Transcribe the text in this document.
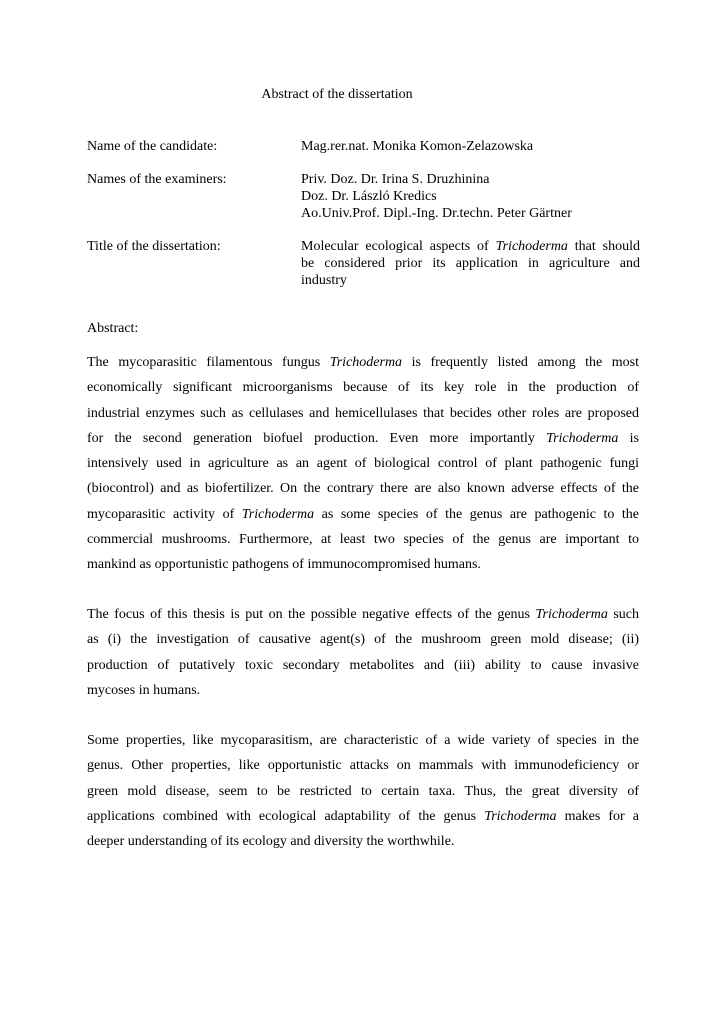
Abstract of the dissertation
Name of the candidate:	Mag.rer.nat. Monika Komon-Zelazowska
Names of the examiners:	Priv. Doz. Dr. Irina S. Druzhinina
Doz. Dr. László Kredics
Ao.Univ.Prof. Dipl.-Ing. Dr.techn. Peter Gärtner
Title of the dissertation:	Molecular ecological aspects of Trichoderma that should
be considered prior its application in agriculture and
industry
Abstract:
The mycoparasitic filamentous fungus Trichoderma is frequently listed among the most
economically significant microorganisms because of its key role in the production of
industrial enzymes such as cellulases and hemicellulases that becides other roles are proposed
for the second generation biofuel production. Even more importantly Trichoderma is
intensively used in agriculture as an agent of biological control of plant pathogenic fungi
(biocontrol) and as biofertilizer. On the contrary there are also known adverse effects of the
mycoparasitic activity of Trichoderma as some species of the genus are pathogenic to the
commercial mushrooms. Furthermore, at least two species of the genus are important to
mankind as opportunistic pathogens of immunocompromised humans.
The focus of this thesis is put on the possible negative effects of the genus Trichoderma such
as (i) the investigation of causative agent(s) of the mushroom green mold disease; (ii)
production of putatively toxic secondary metabolites and (iii) ability to cause invasive
mycoses in humans.
Some properties, like mycoparasitism, are characteristic of a wide variety of species in the
genus. Other properties, like opportunistic attacks on mammals with immunodeficiency or
green mold disease, seem to be restricted to certain taxa. Thus, the great diversity of
applications combined with ecological adaptability of the genus Trichoderma makes for a
deeper understanding of its ecology and diversity the worthwhile.
